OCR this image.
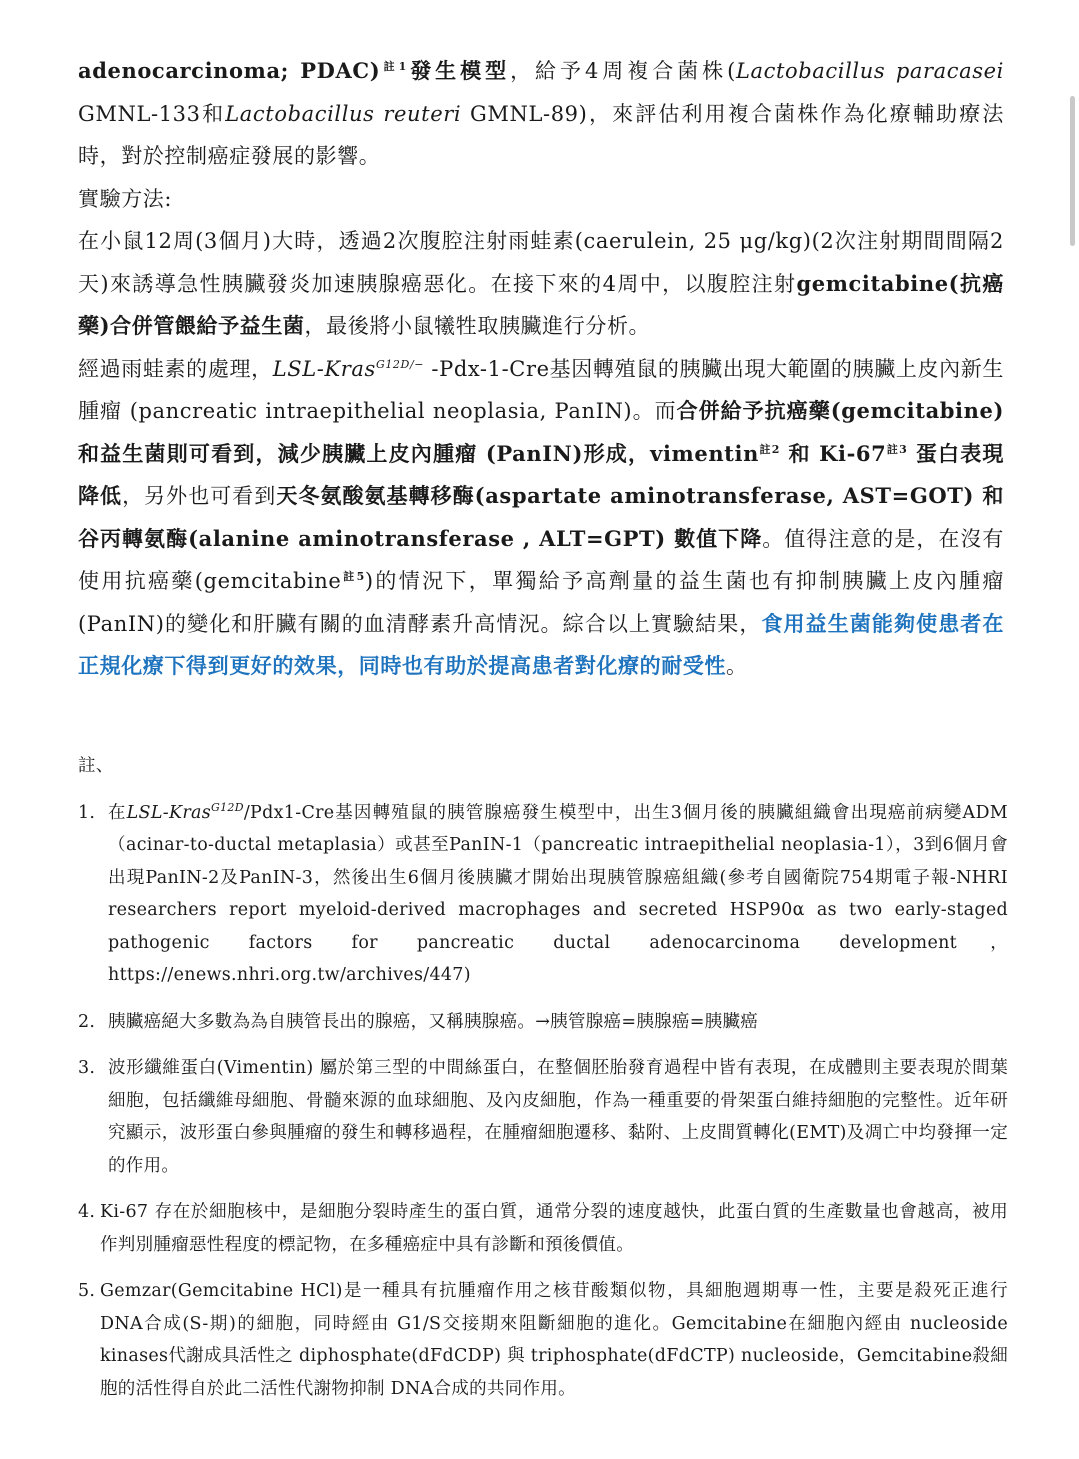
adenocarcinoma; PDAC)$^{註1}$發生模型，給予4周複合菌株(Lactobacillus paracasei GMNL-133和Lactobacillus reuteri GMNL-89)，來評估利用複合菌株作為化療輔助療法時，對於控制癌症發展的影響。

實驗方法:

在小鼠12周(3個月)大時，透過2次腹腔注射雨蛙素(caerulein, 25 μg/kg)(2次注射期間間隔2天)來誘導急性胰臟發炎加速胰腺癌惡化。在接下來的4周中，以腹腔注射gemcitabine(抗癌藥)合併管餵給予益生菌，最後將小鼠犧牲取胰臟進行分析。

經過雨蛙素的處理，LSL-Kras$^{G12D/-}$ -Pdx-1-Cre基因轉殖鼠的胰臟出現大範圍的胰臟上皮內新生腫瘤 (pancreatic intraepithelial neoplasia, PanIN)。而合併給予抗癌藥(gemcitabine)和益生菌則可看到，減少胰臟上皮內腫瘤 (PanIN)形成，vimentin$^{註2}$ 和 Ki-67$^{註3}$ 蛋白表現降低，另外也可看到天冬氨酸氨基轉移酶(aspartate aminotransferase, AST=GOT) 和谷丙轉氨酶(alanine aminotransferase , ALT=GPT) 數值下降。值得注意的是，在沒有使用抗癌藥(gemcitabine$^{註5}$)的情況下，單獨給予高劑量的益生菌也有抑制胰臟上皮內腫瘤 (PanIN)的變化和肝臟有關的血清酵素升高情況。綜合以上實驗結果，食用益生菌能夠使患者在正規化療下得到更好的效果，同時也有助於提高患者對化療的耐受性。

註、

1. 在LSL-Kras$^{G12D}$/Pdx1-Cre基因轉殖鼠的胰管腺癌發生模型中，出生3個月後的胰臟組織會出現癌前病變ADM（acinar-to-ductal metaplasia）或甚至PanIN-1（pancreatic intraepithelial neoplasia-1），3到6個月會出現PanIN-2及PanIN-3，然後出生6個月後胰臟才開始出現胰管腺癌組織(參考自國衛院754期電子報-NHRI researchers report myeloid-derived macrophages and secreted HSP90α as two early-staged pathogenic factors for pancreatic ductal adenocarcinoma development，https://enews.nhri.org.tw/archives/447)
2. 胰臟癌絕大多數為為自胰管長出的腺癌，又稱胰腺癌。→胰管腺癌=胰腺癌=胰臟癌
3. 波形纖維蛋白(Vimentin) 屬於第三型的中間絲蛋白，在整個胚胎發育過程中皆有表現，在成體則主要表現於間葉細胞，包括纖維母細胞、骨髓來源的血球細胞、及內皮細胞，作為一種重要的骨架蛋白維持細胞的完整性。近年研究顯示，波形蛋白參與腫瘤的發生和轉移過程，在腫瘤細胞遷移、黏附、上皮間質轉化(EMT)及凋亡中均發揮一定的作用。
4. Ki-67 存在於細胞核中，是細胞分裂時產生的蛋白質，通常分裂的速度越快，此蛋白質的生產數量也會越高，被用作判別腫瘤惡性程度的標記物，在多種癌症中具有診斷和預後價值。
5. Gemzar(Gemcitabine HCl)是一種具有抗腫瘤作用之核苷酸類似物，具細胞週期專一性，主要是殺死正進行 DNA合成(S-期)的細胞，同時經由 G1/S交接期來阻斷細胞的進化。Gemcitabine在細胞內經由 nucleoside kinases代謝成具活性之 diphosphate(dFdCDP) 與 triphosphate(dFdCTP) nucleoside，Gemcitabine殺細胞的活性得自於此二活性代謝物抑制 DNA合成的共同作用。
